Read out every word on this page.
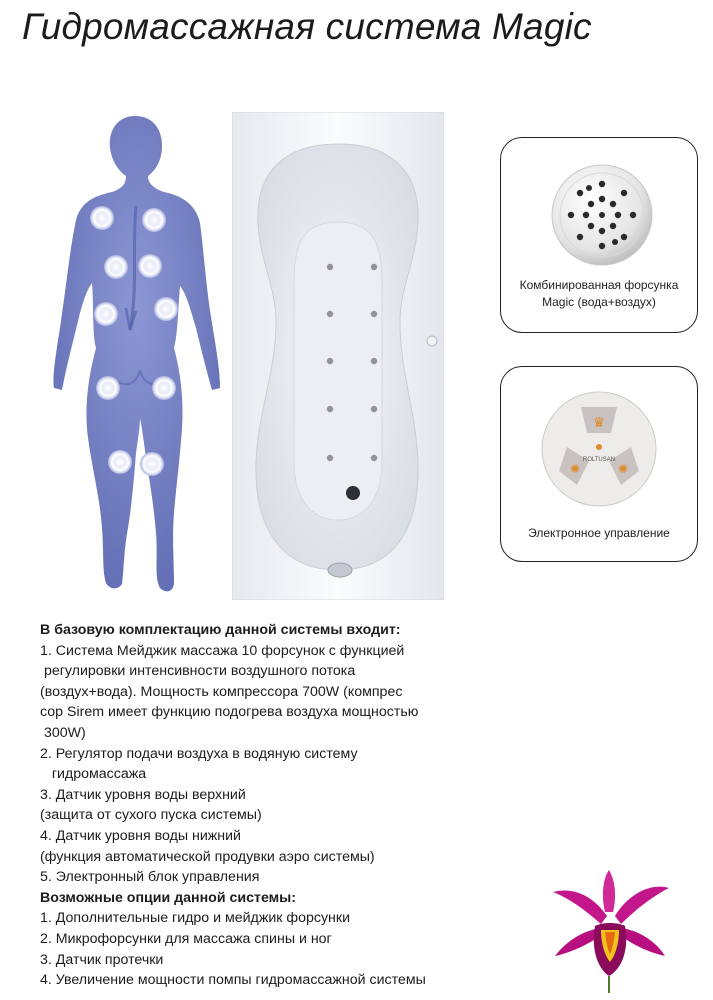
Гидромассажная система Magic
Комбинированная форсунка
Magic (вода+воздух)
♛
✺	✺
ROLTUSAN
Электронное управление
В базовую комплектацию данной системы входит:
1. Система Мейджик массажа 10 форсунок с функцией
регулировки интенсивности воздушного потока
(воздух+вода). Мощность компрессора 700W (компрес
сор Sirem имеет функцию подогрева воздуха мощностью
300W)
2. Регулятор подачи воздуха в водяную систему
гидромассажа
3. Датчик уровня воды верхний
(защита от сухого пуска системы)
4. Датчик уровня воды нижний
(функция автоматической продувки аэро системы)
5. Электронный блок управления
Возможные опции данной системы:
1. Дополнительные гидро и мейджик форсунки
2. Микрофорсунки для массажа спины и ног
3. Датчик протечки
4. Увеличение мощности помпы гидромассажной системы
